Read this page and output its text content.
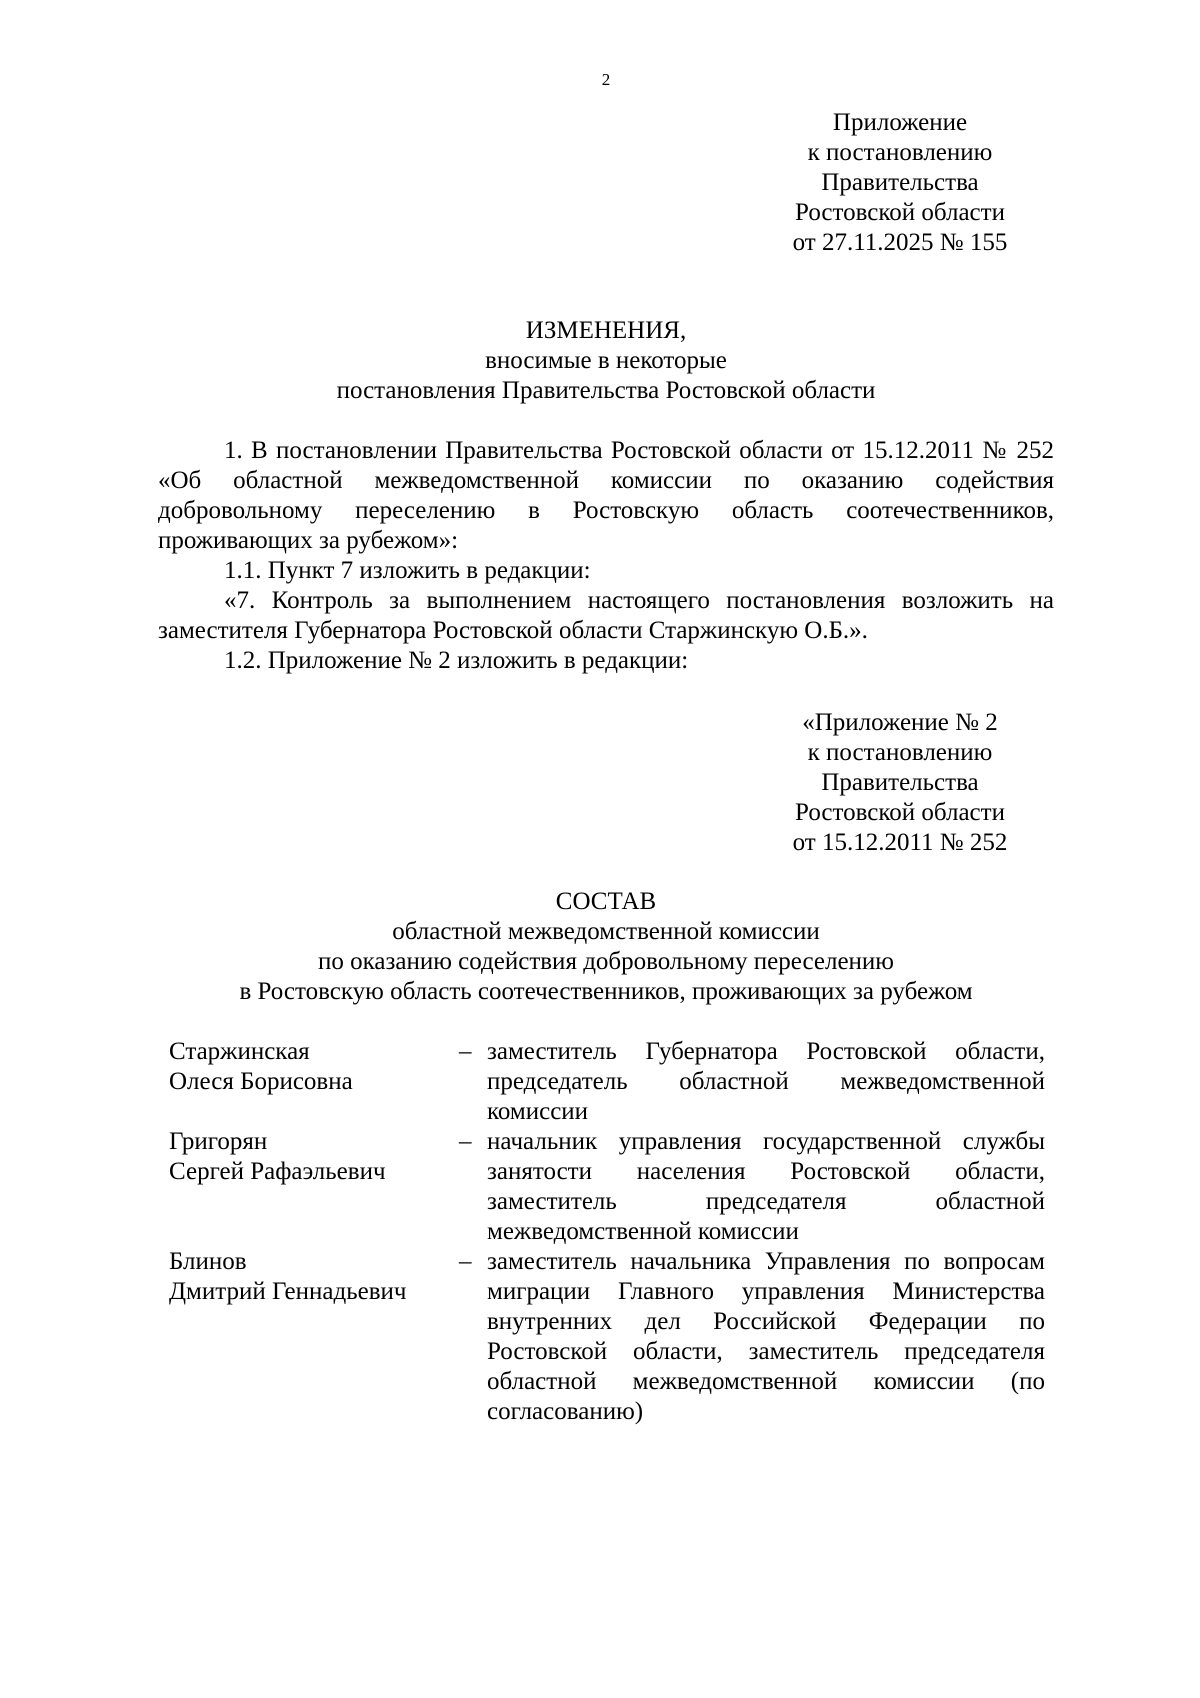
2
Приложение
к постановлению
Правительства
Ростовской области
от 27.11.2025 № 155
ИЗМЕНЕНИЯ,
вносимые в некоторые
постановления Правительства Ростовской области
1. В постановлении Правительства Ростовской области от 15.12.2011 № 252 «Об областной межведомственной комиссии по оказанию содействия добровольному переселению в Ростовскую область соотечественников, проживающих за рубежом»:
1.1. Пункт 7 изложить в редакции:
«7. Контроль за выполнением настоящего постановления возложить на заместителя Губернатора Ростовской области Старжинскую О.Б.».
1.2. Приложение № 2 изложить в редакции:
«Приложение № 2
к постановлению
Правительства
Ростовской области
от 15.12.2011 № 252
СОСТАВ
областной межведомственной комиссии
по оказанию содействия добровольному переселению
в Ростовскую область соотечественников, проживающих за рубежом
Старжинская
Олеся Борисовна
– заместитель Губернатора Ростовской области, председатель областной межведомственной комиссии
Григорян
Сергей Рафаэльевич
– начальник управления государственной службы занятости населения Ростовской области, заместитель председателя областной межведомственной комиссии
Блинов
Дмитрий Геннадьевич
– заместитель начальника Управления по вопросам миграции Главного управления Министерства внутренних дел Российской Федерации по Ростовской области, заместитель председателя областной межведомственной комиссии (по согласованию)
